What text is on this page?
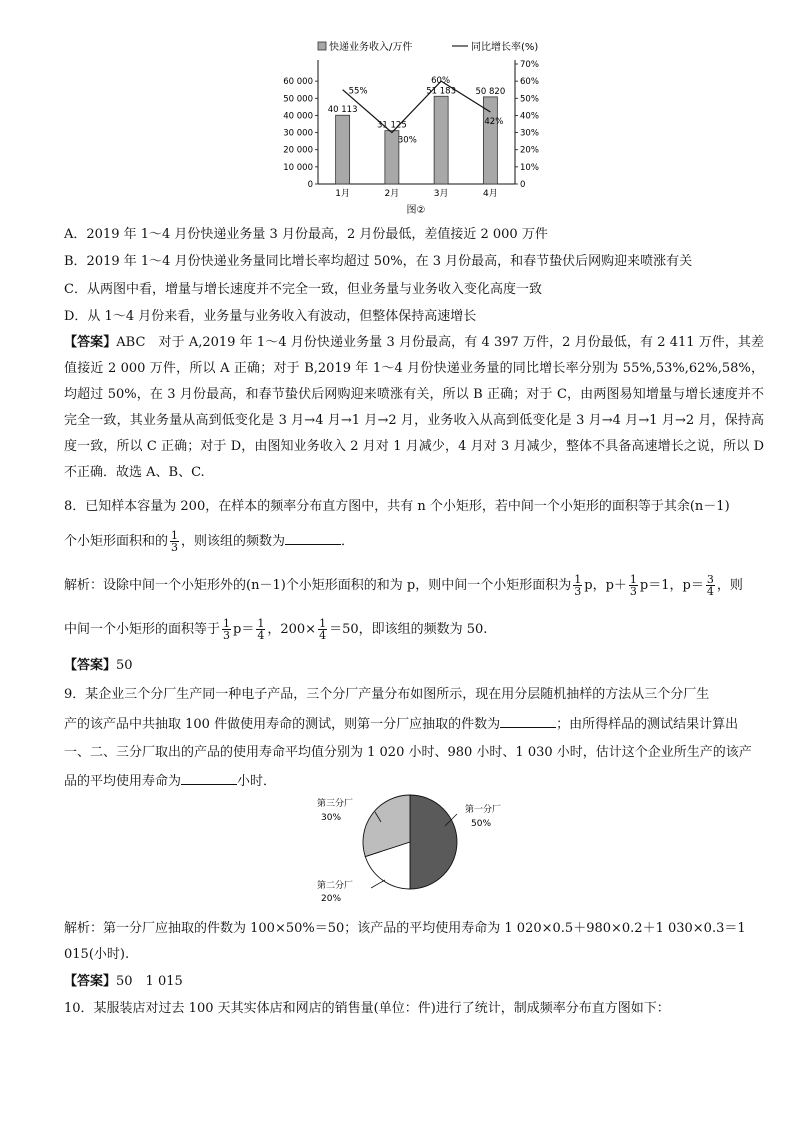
快递业务收入/万件	同比增长率(%)
0
10 000
20 000
30 000
40 000
50 000
60 000
0
10%
20%
30%
40%
50%
60%
70%
40 113
31 125
51 183 50 820
55%
30%
60%
42%
1月	2月	3月	4月
图②
A．2019 年 1～4 月份快递业务量 3 月份最高，2 月份最低，差值接近 2 000 万件
B．2019 年 1～4 月份快递业务量同比增长率均超过 50%，在 3 月份最高，和春节蛰伏后网购迎来喷涨有关
C．从两图中看，增量与增长速度并不完全一致，但业务量与业务收入变化高度一致
D．从 1～4 月份来看，业务量与业务收入有波动，但整体保持高速增长
【答案】ABC　对于 A,2019 年 1～4 月份快递业务量 3 月份最高，有 4 397 万件，2 月份最低，有 2 411 万件，其差值接近 2 000 万件，所以 A 正确；对于 B,2019 年 1～4 月份快递业务量的同比增长率分别为 55%,53%,62%,58%，均超过 50%，在 3 月份最高，和春节蛰伏后网购迎来喷涨有关，所以 B 正确；对于 C，由两图易知增量与增长速度并不完全一致，其业务量从高到低变化是 3 月→4 月→1 月→2 月，业务收入从高到低变化是 3 月→4 月→1 月→2 月，保持高度一致，所以 C 正确；对于 D，由图知业务收入 2 月对 1 月减少，4 月对 3 月减少，整体不具备高速增长之说，所以 D 不正确．故选 A、B、C.
8．已知样本容量为 200，在样本的频率分布直方图中，共有 n 个小矩形，若中间一个小矩形的面积等于其余(n－1)
个小矩形面积和的 $\frac{1}{3}$ ，则该组的频数为	．
解析：设除中间一个小矩形外的(n－1)个小矩形面积的和为 p，则中间一个小矩形面积为 $\frac{1}{3}$ p，$p+ \frac{1}{3} p=1$，$p= \frac{3}{4}$ ，则
中间一个小矩形的面积等于 $\frac{1}{3} p= \frac{1}{4}$ ，$200\times \frac{1}{4} =50$，即该组的频数为 50.
【答案】50
9．某企业三个分厂生产同一种电子产品，三个分厂产量分布如图所示，现在用分层随机抽样的方法从三个分厂生
产的该产品中共抽取 100 件做使用寿命的测试，则第一分厂应抽取的件数为	；由所得样品的测试结果计算出
一、二、三分厂取出的产品的使用寿命平均值分别为 1 020 小时、980 小时、1 030 小时，估计这个企业所生产的该产
品的平均使用寿命为	小时．
第一分厂
50%
第二分厂
20%
第三分厂
30%
解析：第一分厂应抽取的件数为 100×50%＝50；该产品的平均使用寿命为 1 020×0.5＋980×0.2＋1 030×0.3＝1
015(小时).
【答案】50　1 015
10．某服装店对过去 100 天其实体店和网店的销售量(单位：件)进行了统计，制成频率分布直方图如下：
